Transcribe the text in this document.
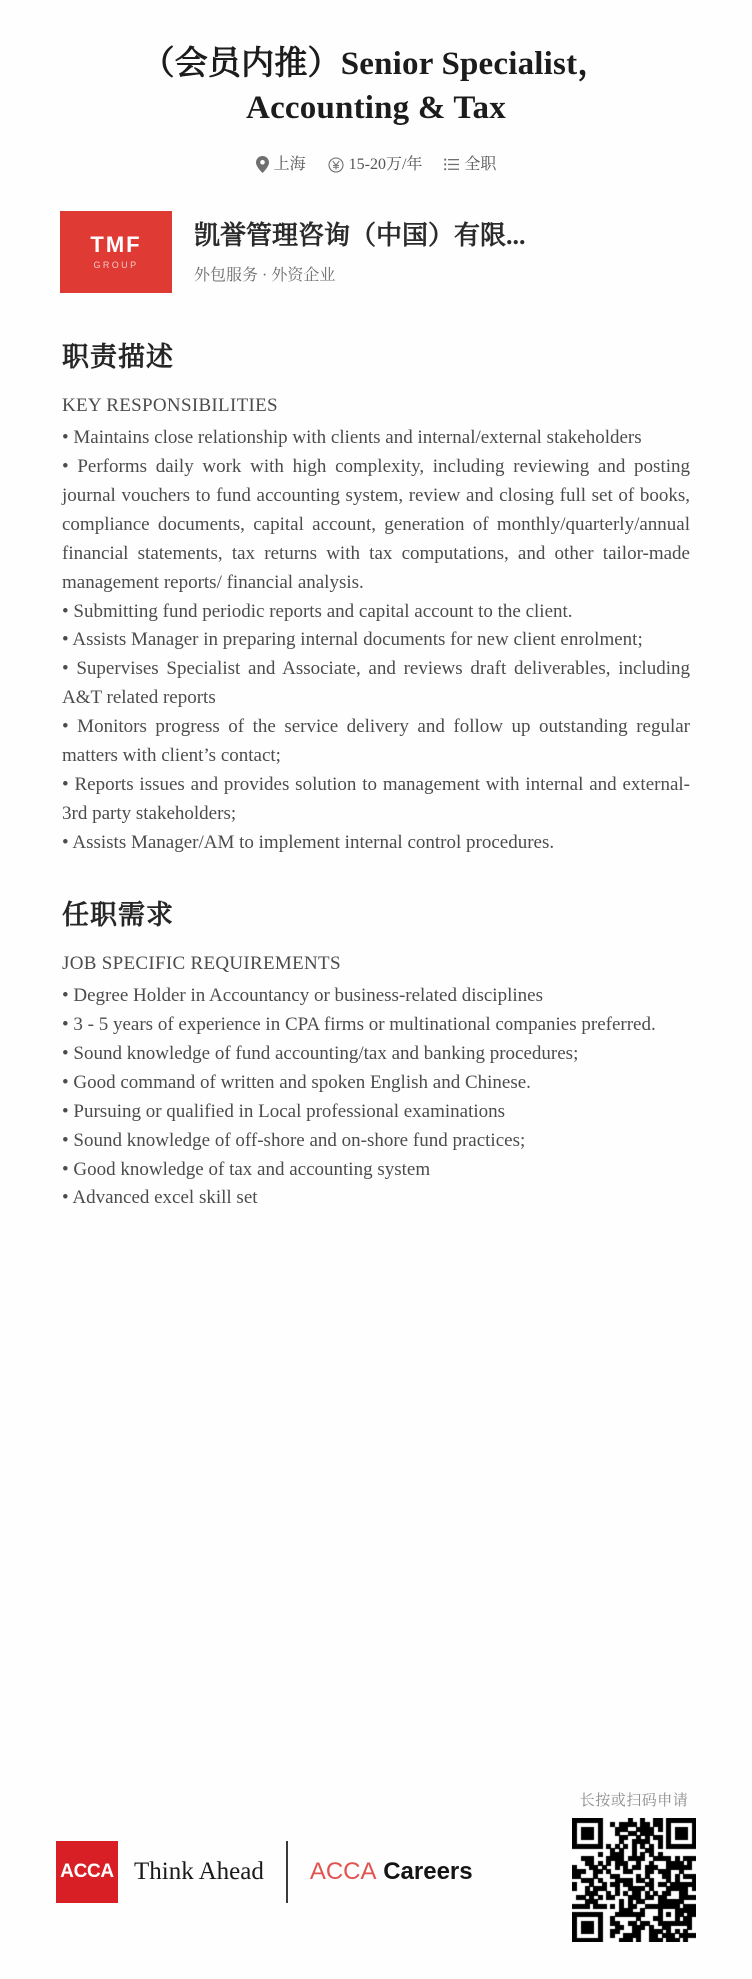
（会员内推）Senior Specialist，Accounting & Tax
上海	15-20万/年	全职
TMF
GROUP
凯誉管理咨询（中国）有限...
外包服务 · 外资企业
职责描述
KEY RESPONSIBILITIES
• Maintains close relationship with clients and internal/external stakeholders
• Performs daily work with high complexity, including reviewing and posting journal vouchers to fund accounting system, review and closing full set of books, compliance documents, capital account, generation of monthly/quarterly/annual financial statements, tax returns with tax computations, and other tailor-made management reports/ financial analysis.
• Submitting fund periodic reports and capital account to the client.
• Assists Manager in preparing internal documents for new client enrolment;
• Supervises Specialist and Associate, and reviews draft deliverables, including A&T related reports
• Monitors progress of the service delivery and follow up outstanding regular matters with client’s contact;
• Reports issues and provides solution to management with internal and external- 3rd party stakeholders;
• Assists Manager/AM to implement internal control procedures.
任职需求
JOB SPECIFIC REQUIREMENTS
• Degree Holder in Accountancy or business-related disciplines
• 3 - 5 years of experience in CPA firms or multinational companies preferred.
• Sound knowledge of fund accounting/tax and banking procedures;
• Good command of written and spoken English and Chinese.
• Pursuing or qualified in Local professional examinations
• Sound knowledge of off-shore and on-shore fund practices;
• Good knowledge of tax and accounting system
• Advanced excel skill set
ACCA Think Ahead ACCA Careers
长按或扫码申请
